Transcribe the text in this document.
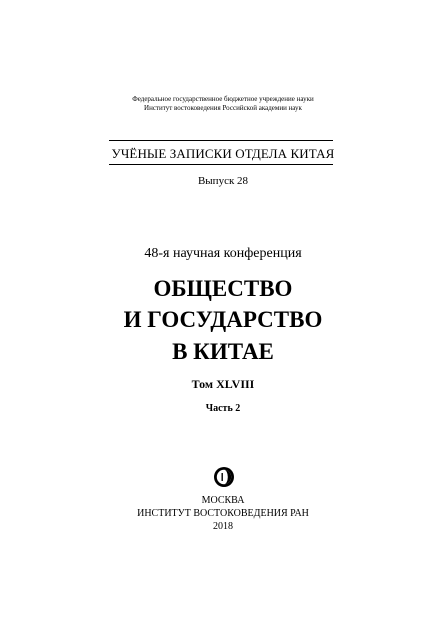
Федеральное государственное бюджетное учреждение науки
Институт востоковедения Российской академии наук
УЧЁНЫЕ ЗАПИСКИ ОТДЕЛА КИТАЯ
Выпуск 28
48-я научная конференция
ОБЩЕСТВО
И ГОСУДАРСТВО
В КИТАЕ
Том XLVIII
Часть 2
МОСКВА
ИНСТИТУТ ВОСТОКОВЕДЕНИЯ РАН
2018
